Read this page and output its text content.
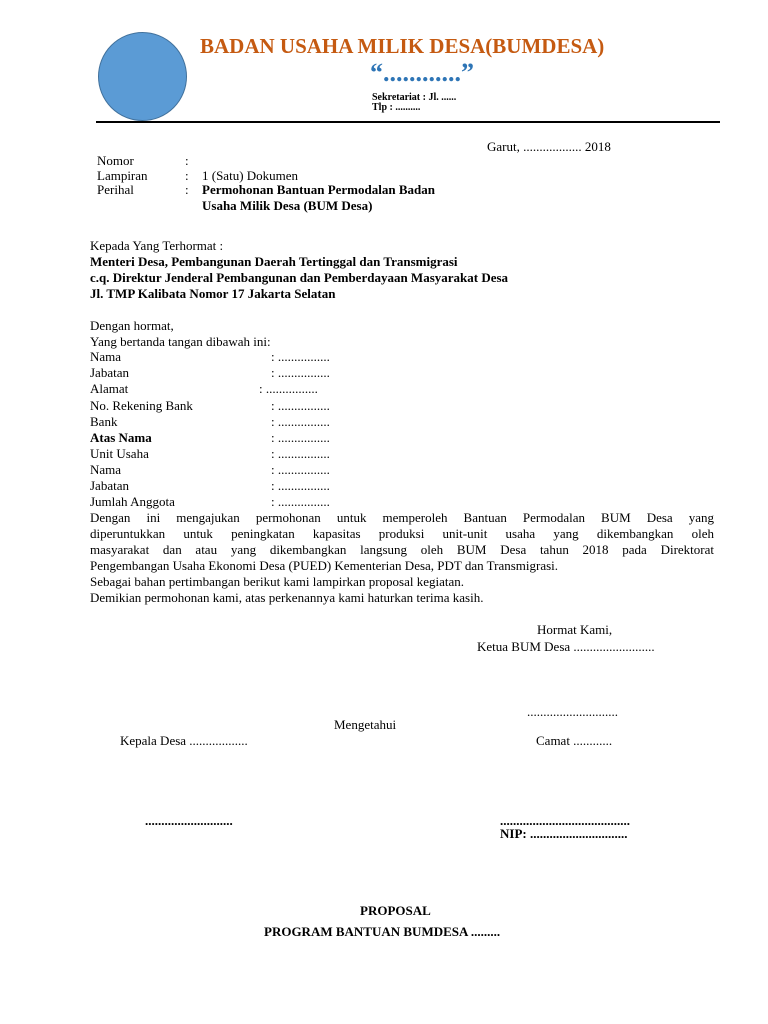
BADAN USAHA MILIK DESA(BUMDESA)
“............”
Sekretariat : Jl. ......
Tlp : ..........
Garut, .................. 2018
Nomor	:
Lampiran	: 1 (Satu) Dokumen
Perihal	: Permohonan Bantuan Permodalan Badan
Usaha Milik Desa (BUM Desa)
Kepada Yang Terhormat :
Menteri Desa, Pembangunan Daerah Tertinggal dan Transmigrasi
c.q. Direktur Jenderal Pembangunan dan Pemberdayaan Masyarakat Desa
Jl. TMP Kalibata Nomor 17 Jakarta Selatan
Dengan hormat,
Yang bertanda tangan dibawah ini:
Nama	: ................
Jabatan	: ................
Alamat	: ................
No. Rekening Bank	: ................
Bank	: ................
Atas Nama	: ................
Unit Usaha	: ................
Nama	: ................
Jabatan	: ................
Jumlah Anggota	: ................
Dengan ini mengajukan permohonan untuk memperoleh Bantuan Permodalan BUM Desa yang
diperuntukkan untuk peningkatan kapasitas produksi unit-unit usaha yang dikembangkan oleh
masyarakat dan atau yang dikembangkan langsung oleh BUM Desa tahun 2018 pada Direktorat
Pengembangan Usaha Ekonomi Desa (PUED) Kementerian Desa, PDT dan Transmigrasi.
Sebagai bahan pertimbangan berikut kami lampirkan proposal kegiatan.
Demikian permohonan kami, atas perkenannya kami haturkan terima kasih.
Hormat Kami,
Ketua BUM Desa .........................
............................
Mengetahui
Kepala Desa ..................	Camat ............
...........................	........................................
NIP: ..............................
PROPOSAL
PROGRAM BANTUAN BUMDESA .........
